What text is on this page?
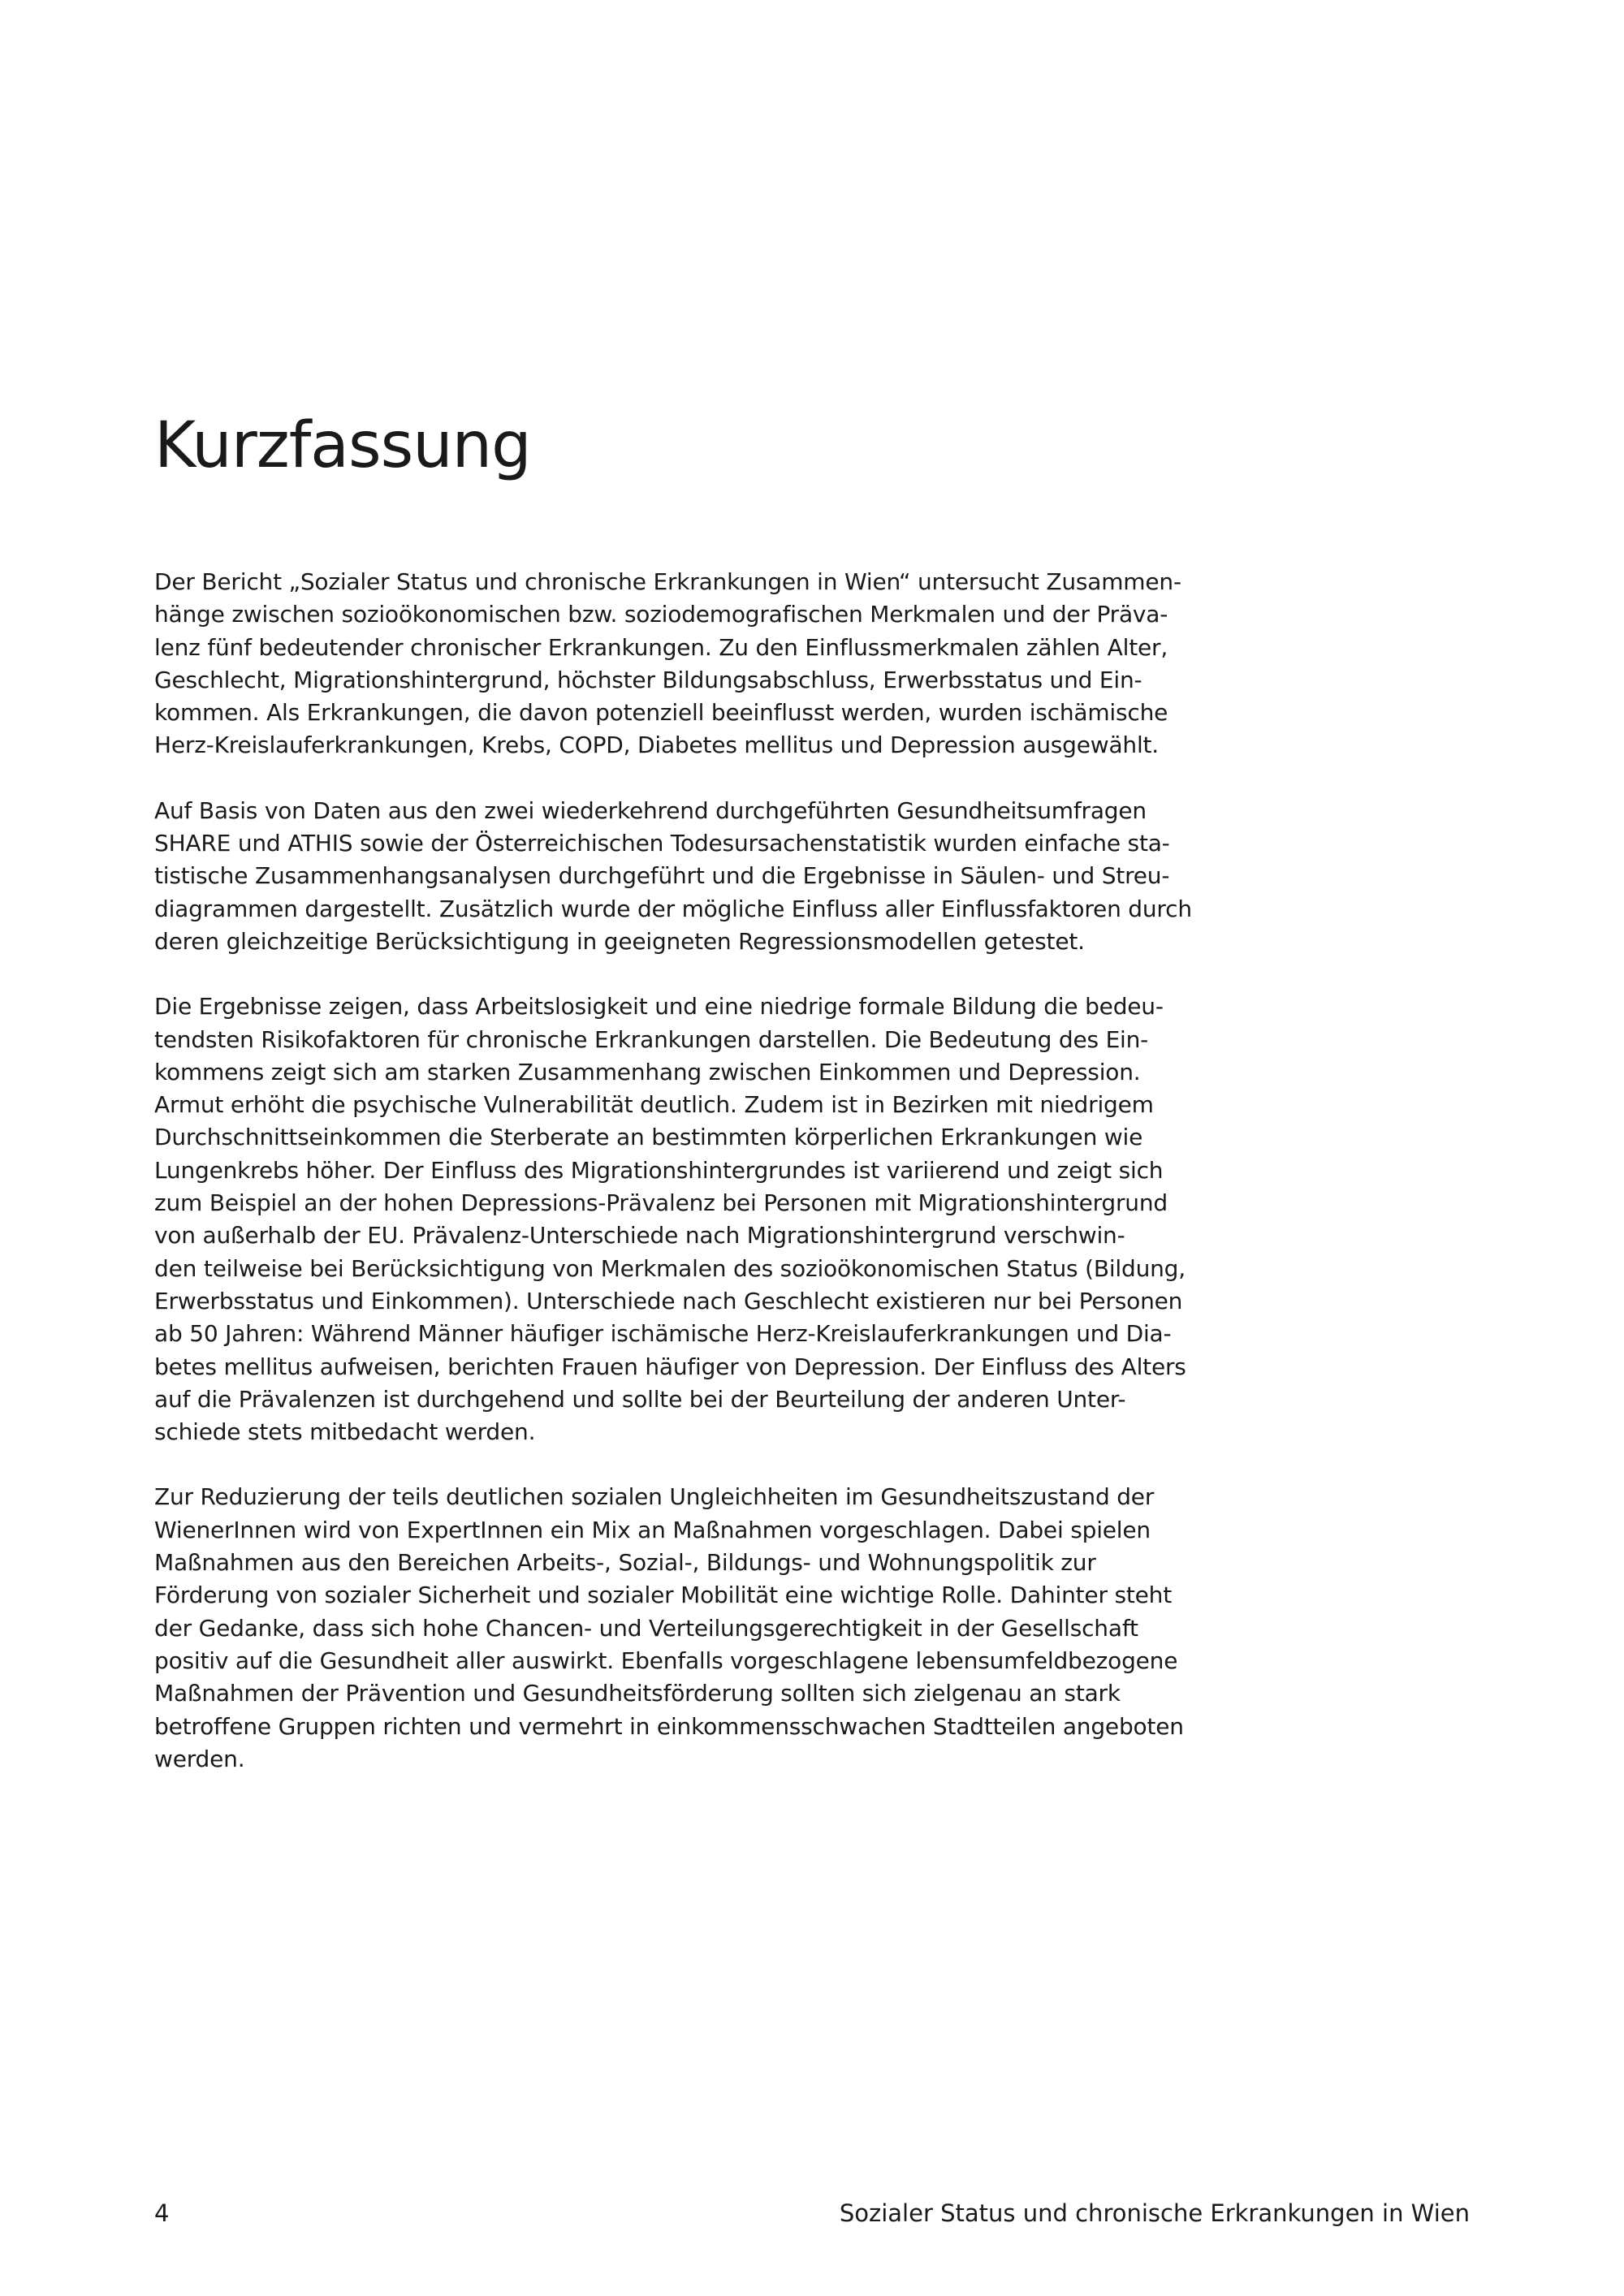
Kurzfassung

Der Bericht „Sozialer Status und chronische Erkrankungen in Wien“ untersucht Zusammen-
hänge zwischen sozioökonomischen bzw. soziodemografischen Merkmalen und der Präva-
lenz fünf bedeutender chronischer Erkrankungen. Zu den Einflussmerkmalen zählen Alter,
Geschlecht, Migrationshintergrund, höchster Bildungsabschluss, Erwerbsstatus und Ein-
kommen. Als Erkrankungen, die davon potenziell beeinflusst werden, wurden ischämische
Herz-Kreislauferkrankungen, Krebs, COPD, Diabetes mellitus und Depression ausgewählt.

Auf Basis von Daten aus den zwei wiederkehrend durchgeführten Gesundheitsumfragen
SHARE und ATHIS sowie der Österreichischen Todesursachenstatistik wurden einfache sta-
tistische Zusammenhangsanalysen durchgeführt und die Ergebnisse in Säulen- und Streu-
diagrammen dargestellt. Zusätzlich wurde der mögliche Einfluss aller Einflussfaktoren durch
deren gleichzeitige Berücksichtigung in geeigneten Regressionsmodellen getestet.

Die Ergebnisse zeigen, dass Arbeitslosigkeit und eine niedrige formale Bildung die bedeu-
tendsten Risikofaktoren für chronische Erkrankungen darstellen. Die Bedeutung des Ein-
kommens zeigt sich am starken Zusammenhang zwischen Einkommen und Depression.
Armut erhöht die psychische Vulnerabilität deutlich. Zudem ist in Bezirken mit niedrigem
Durchschnittseinkommen die Sterberate an bestimmten körperlichen Erkrankungen wie
Lungenkrebs höher. Der Einfluss des Migrationshintergrundes ist variierend und zeigt sich
zum Beispiel an der hohen Depressions-Prävalenz bei Personen mit Migrationshintergrund
von außerhalb der EU. Prävalenz-Unterschiede nach Migrationshintergrund verschwin-
den teilweise bei Berücksichtigung von Merkmalen des sozioökonomischen Status (Bildung,
Erwerbsstatus und Einkommen). Unterschiede nach Geschlecht existieren nur bei Personen
ab 50 Jahren: Während Männer häufiger ischämische Herz-Kreislauferkrankungen und Dia-
betes mellitus aufweisen, berichten Frauen häufiger von Depression. Der Einfluss des Alters
auf die Prävalenzen ist durchgehend und sollte bei der Beurteilung der anderen Unter-
schiede stets mitbedacht werden.

Zur Reduzierung der teils deutlichen sozialen Ungleichheiten im Gesundheitszustand der
WienerInnen wird von ExpertInnen ein Mix an Maßnahmen vorgeschlagen. Dabei spielen
Maßnahmen aus den Bereichen Arbeits-, Sozial-, Bildungs- und Wohnungspolitik zur
Förderung von sozialer Sicherheit und sozialer Mobilität eine wichtige Rolle. Dahinter steht
der Gedanke, dass sich hohe Chancen- und Verteilungsgerechtigkeit in der Gesellschaft
positiv auf die Gesundheit aller auswirkt. Ebenfalls vorgeschlagene lebensumfeldbezogene
Maßnahmen der Prävention und Gesundheitsförderung sollten sich zielgenau an stark
betroffene Gruppen richten und vermehrt in einkommensschwachen Stadtteilen angeboten
werden.

4	Sozialer Status und chronische Erkrankungen in Wien
